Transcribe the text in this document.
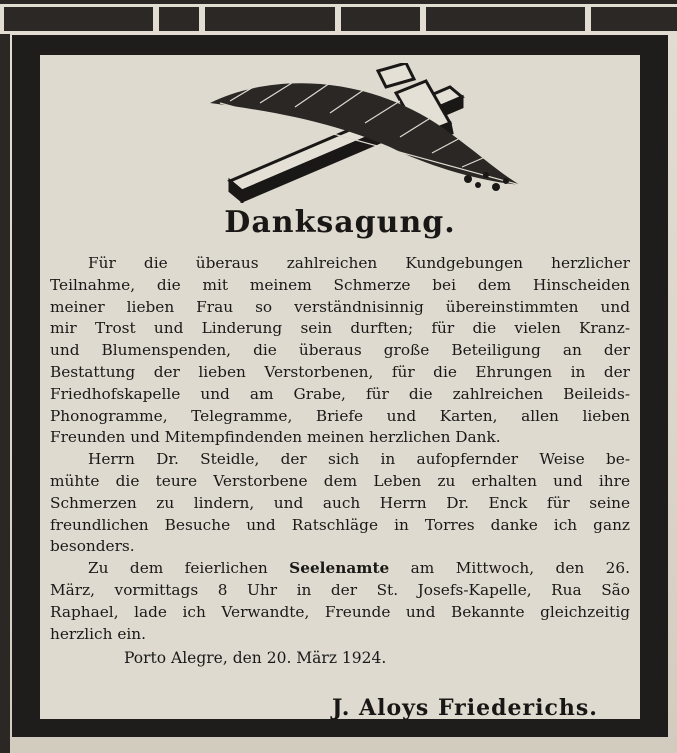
Danksagung.
Für die überaus zahlreichen Kundgebungen herzlicher
Teilnahme, die mit meinem Schmerze bei dem Hinscheiden
meiner lieben Frau so verständnisinnig übereinstimmten und
mir Trost und Linderung sein durften; für die vielen Kranz-
und Blumenspenden, die überaus große Beteiligung an der
Bestattung der lieben Verstorbenen, für die Ehrungen in der
Friedhofskapelle und am Grabe, für die zahlreichen Beileids-
Phonogramme, Telegramme, Briefe und Karten, allen lieben
Freunden und Mitempfindenden meinen herzlichen Dank.
Herrn Dr. Steidle, der sich in aufopfernder Weise be-
mühte die teure Verstorbene dem Leben zu erhalten und ihre
Schmerzen zu lindern, und auch Herrn Dr. Enck für seine
freundlichen Besuche und Ratschläge in Torres danke ich ganz
besonders.
Zu dem feierlichen Seelenamte am Mittwoch, den 26.
März, vormittags 8 Uhr in der St. Josefs-Kapelle, Rua São
Raphael, lade ich Verwandte, Freunde und Bekannte gleichzeitig
herzlich ein.
Porto Alegre, den 20. März 1924.
J. Aloys Friederichs.
